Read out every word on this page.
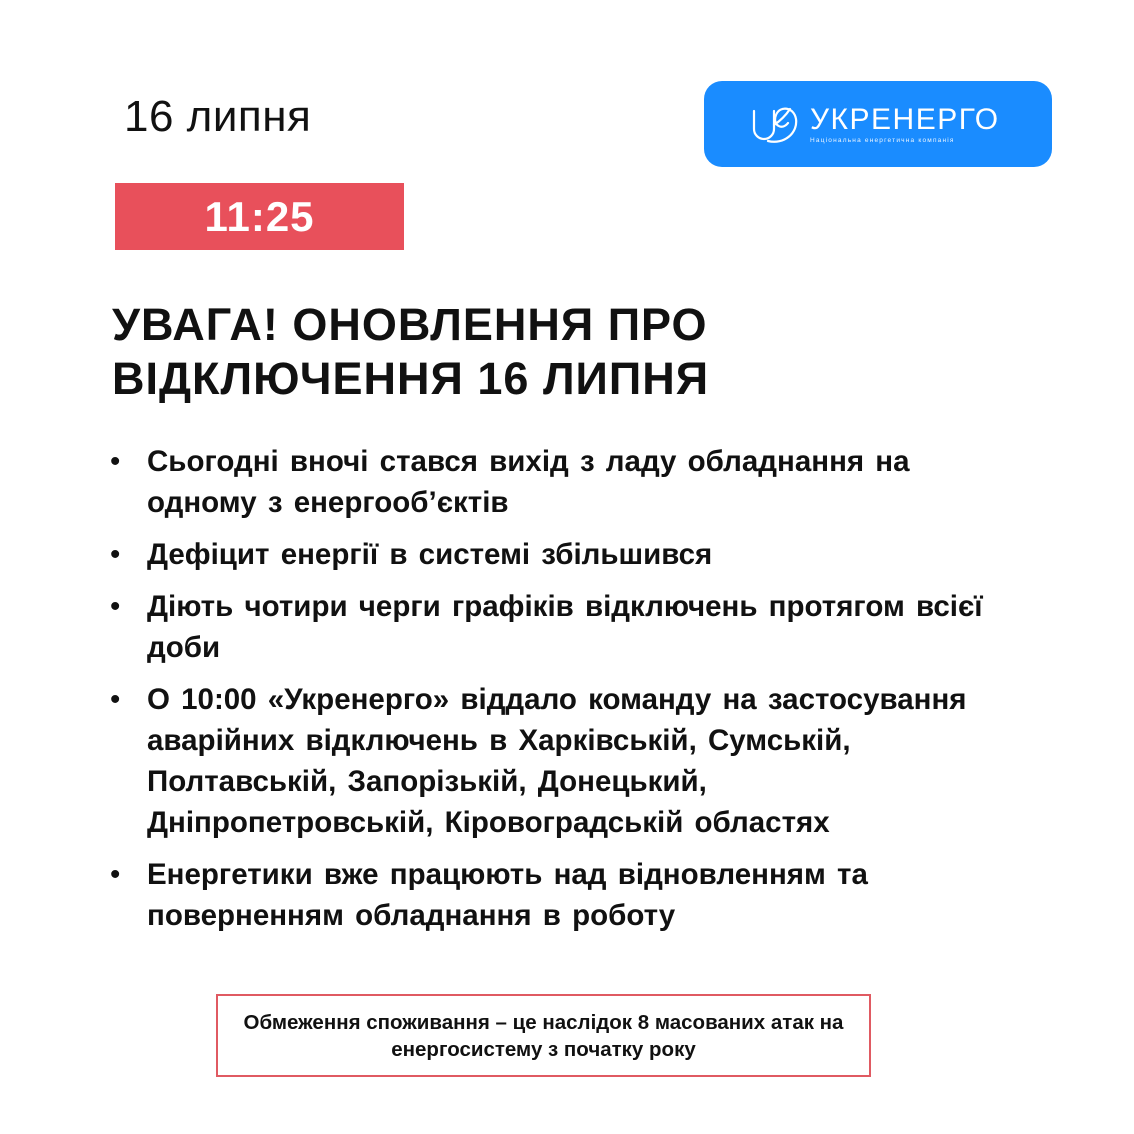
16 липня	УКРЕНЕРГО
Національна енергетична компанія
11:25
УВАГА! ОНОВЛЕННЯ ПРО ВІДКЛЮЧЕННЯ 16 ЛИПНЯ
• Сьогодні вночі стався вихід з ладу обладнання на одному з енергооб’єктів
• Дефіцит енергії в системі збільшився
• Діють чотири черги графіків відключень протягом всієї доби
• О 10:00 «Укренерго» віддало команду на застосування аварійних відключень в Харківській, Сумській, Полтавській, Запорізькій, Донецький, Дніпропетровській, Кіровоградській областях
• Енергетики вже працюють над відновленням та поверненням обладнання в роботу
Обмеження споживання – це наслідок 8 масованих атак на енергосистему з початку року
